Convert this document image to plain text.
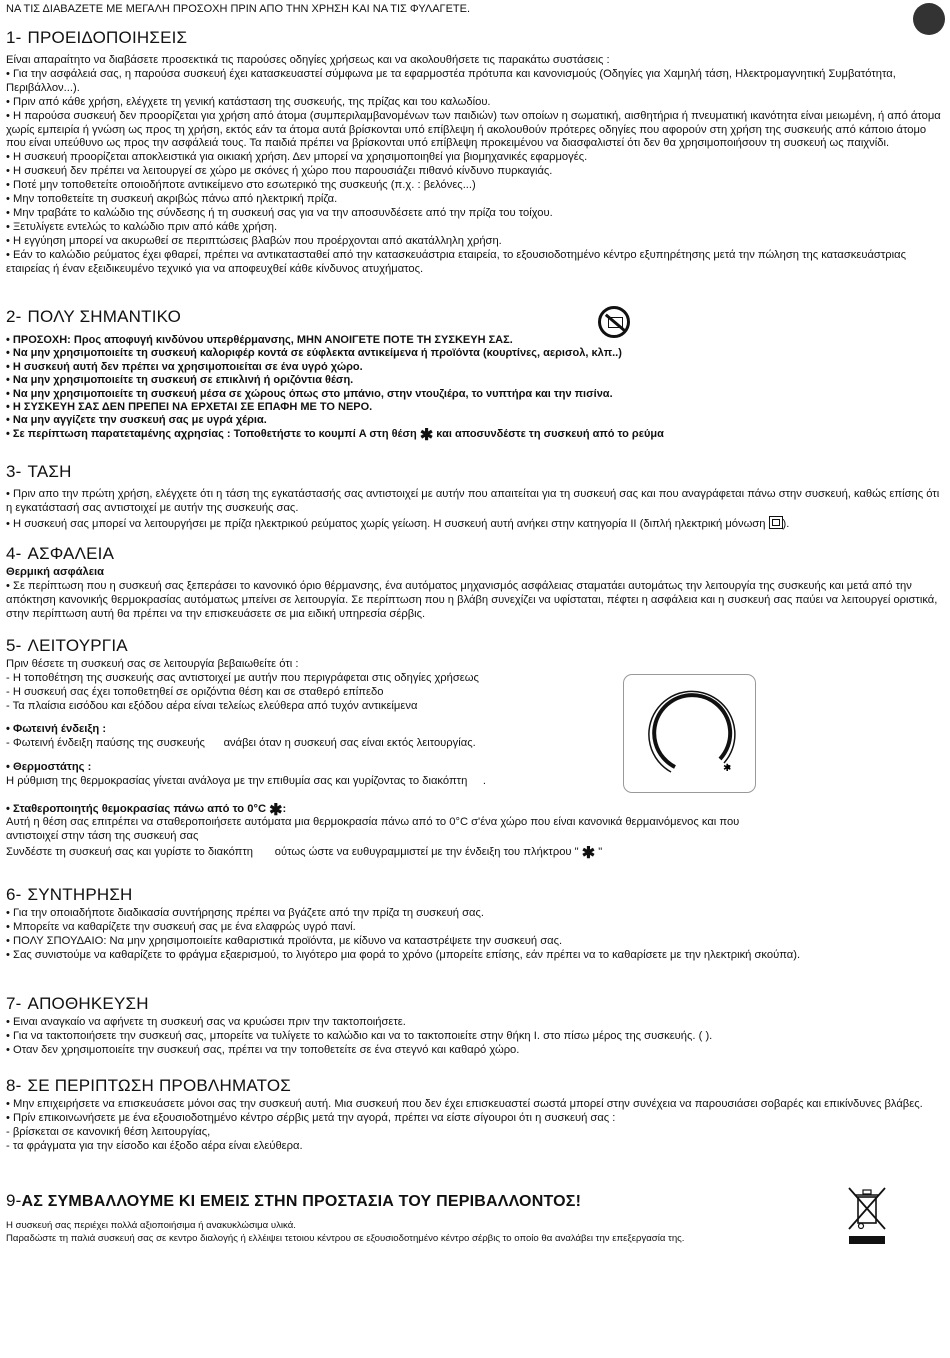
ΝΑ ΤΙΣ ΔΙΑΒΑΖΕΤΕ ΜΕ ΜΕΓΑΛΗ ΠΡΟΣΟΧΗ ΠΡΙΝ ΑΠΟ ΤΗΝ ΧΡΗΣΗ ΚΑΙ ΝΑ ΤΙΣ ΦΥΛΑΓΕΤΕ.
1- ΠΡΟΕΙΔΟΠΟΙΗΣΕΙΣ

Είναι απαραίτητο να διαβάσετε προσεκτικά τις παρούσες οδηγίες χρήσεως και να ακολουθήσετε τις παρακάτω συστάσεις :

• Για την ασφάλειά σας, η παρούσα συσκευή έχει κατασκευαστεί σύμφωνα με τα εφαρμοστέα πρότυπα και κανονισμούς (Οδηγίες για Χαμηλή τάση, Ηλεκτρομαγνητική Συμβατότητα, Περιβάλλον...).

• Πριν από κάθε χρήση, ελέγχετε τη γενική κατάσταση της συσκευής, της πρίζας και του καλωδίου.

• Η παρούσα συσκευή δεν προορίζεται για χρήση από άτομα (συμπεριλαμβανομένων των παιδιών) των οποίων η σωματική, αισθητήρια ή πνευματική ικανότητα είναι μειωμένη, ή από άτομα χωρίς εμπειρία ή γνώση ως προς τη χρήση, εκτός εάν τα άτομα αυτά βρίσκονται υπό επίβλεψη ή ακολουθούν πρότερες οδηγίες που αφορούν στη χρήση της συσκευής από κάποιο άτομο που είναι υπεύθυνο ως προς την ασφάλειά τους. Τα παιδιά πρέπει να βρίσκονται υπό επίβλεψη προκειμένου να διασφαλιστεί ότι δεν θα χρησιμοποιήσουν τη συσκευή ως παιχνίδι.

• Η συσκευή προορίζεται αποκλειστικά για οικιακή χρήση. Δεν μπορεί να χρησιμοποιηθεί για βιομηχανικές εφαρμογές.

• Η συσκευή δεν πρέπει να λειτουργεί σε χώρο με σκόνες ή χώρο που παρουσιάζει πιθανό κίνδυνο πυρκαγιάς.

• Ποτέ μην τοποθετείτε οποιοδήποτε αντικείμενο στο εσωτερικό της συσκευής (π.χ. : βελόνες...)

• Μην τοποθετείτε τη συσκευή ακριβώς πάνω από ηλεκτρική πρίζα.

• Μην τραβάτε το καλώδιο της σύνδεσης ή τη συσκευή σας για να την αποσυνδέσετε από την πρίζα του τοίχου.

• Ξετυλίγετε εντελώς το καλώδιο πριν από κάθε χρήση.

• Η εγγύηση μπορεί να ακυρωθεί σε περιπτώσεις βλαβών που προέρχονται από ακατάλληλη χρήση.

• Εάν το καλώδιο ρεύματος έχει φθαρεί, πρέπει να αντικατασταθεί από την κατασκευάστρια εταιρεία, το εξουσιοδοτημένο κέντρο εξυπηρέτησης μετά την πώληση της κατασκευάστριας εταιρείας ή έναν εξειδικευμένο τεχνικό για να αποφευχθεί κάθε κίνδυνος ατυχήματος.

2- ΠΟΛΥ ΣΗΜΑΝΤΙΚΟ

• ΠΡΟΣΟΧΗ: Προς αποφυγή κινδύνου υπερθέρμανσης, ΜΗΝ ΑΝΟΙΓΕΤΕ ΠΟΤΕ ΤΗ ΣΥΣΚΕΥΗ ΣΑΣ.

• Να μην χρησιμοποιείτε τη συσκευή καλοριφέρ κοντά σε εύφλεκτα αντικείμενα ή προϊόντα (κουρτίνες, αερισολ, κλπ..)

• Η συσκευή αυτή δεν πρέπει να χρησιμοποιείται σε ένα υγρό χώρο.

• Να μην χρησιμοποιείτε τη συσκευή σε επικλινή ή οριζόντια θέση.

• Να μην χρησιμοποιείτε τη συσκευή μέσα σε χώρους όπως στο μπάνιο, στην ντουζιέρα, το νυπτήρα και την πισίνα.

• Η ΣΥΣΚΕΥΗ ΣΑΣ ΔΕΝ ΠΡΕΠΕΙ ΝΑ ΕΡΧΕΤΑΙ ΣΕ ΕΠΑΦΗ ΜΕ ΤΟ ΝΕΡΟ.

• Να μην αγγίζετε την συσκευή σας με υγρά χέρια.

• Σε περίπτωση παρατεταμένης αχρησίας : Τοποθετήστε το κουμπί A στη θέση ✱ και αποσυνδέστε τη συσκευή από το ρεύμα

3- ΤΑΣΗ

• Πριν απο την πρώτη χρήση, ελέγχετε ότι η τάση της εγκατάστασής σας αντιστοιχεί με αυτήν που απαιτείται για τη συσκευή σας και που αναγράφεται πάνω στην συσκευή, καθώς επίσης ότι η εγκατάστασή σας αντιστοιχεί με αυτήν της συσκευής σας.

• Η συσκευή σας μπορεί να λειτουργήσει με πρίζα ηλεκτρικού ρεύματος χωρίς γείωση. Η συσκευή αυτή ανήκει στην κατηγορία II (διπλή ηλεκτρική μόνωση ).

4- ΑΣΦΑΛΕΙΑ

Θερμική ασφάλεια

• Σε περίπτωση που η συσκευή σας ξεπεράσει το κανονικό όριο θέρμανσης, ένα αυτόματος μηχανισμός ασφάλειας σταματάει αυτομάτως την λειτουργία της συσκευής και μετά από την απόκτηση κανονικής θερμοκρασίας αυτόματως μπείνει σε λειτουργία. Σε περίπτωση που η βλάβη συνεχίζει να υφίσταται, πέφτει η ασφάλεια και η συσκευή σας παύει να λειτουργεί οριστικά, στην περίπτωση αυτή θα πρέπει να την επισκευάσετε σε μια ειδική υπηρεσία σέρβις.

5- ΛΕΙΤΟΥΡΓΙΑ

Πριν θέσετε τη συσκευή σας σε λειτουργία βεβαιωθείτε ότι :

- Η τοποθέτηση της συσκευής σας αντιστοιχεί με αυτήν που περιγράφεται στις οδηγίες χρήσεως

- Η συσκευή σας έχει τοποθετηθεί σε οριζόντια θέση και σε σταθερό επίπεδο

- Τα πλαίσια εισόδου και εξόδου αέρα είναι τελείως ελεύθερα από τυχόν αντικείμενα

• Φωτεινή ένδειξη :

- Φωτεινή ένδειξη παύσης της συσκευής      ανάβει όταν η συσκευή σας είναι εκτός λειτουργίας.

• Θερμοστάτης :

Η ρύθμιση της θερμοκρασίας γίνεται ανάλογα με την επιθυμία σας και γυρίζοντας το διακόπτη     .

• Σταθεροποιητής θεμοκρασίας πάνω από το 0°C ✱:

Αυτή η θέση σας επιτρέπει να σταθεροποιήσετε αυτόματα μια θερμοκρασία πάνω από το 0°C σ'ένα χώρο που είναι κανονικά θερμαινόμενος και που αντιστοιχεί στην τάση της συσκευή σας

Συνδέστε τη συσκευή σας και γυρίστε το διακόπτη       ούτως ώστε να ευθυγραμμιστεί με την ένδειξη του πλήκτρου " ✱ "

✱
6- ΣΥΝΤΗΡΗΣΗ

• Για την οποιαδήποτε διαδικασία συντήρησης πρέπει να βγάζετε από την πρίζα τη συσκευή σας.

• Μπορείτε να καθαρίζετε την συσκευή σας με ένα ελαφρώς υγρό πανί.

• ΠΟΛΥ ΣΠΟΥΔΑΙΟ: Να μην χρησιμοποιείτε καθαριστικά προϊόντα, με κίδυνο να καταστρέψετε την συσκευή σας.

• Σας συνιστούμε να καθαρίζετε το φράγμα εξαερισμού, το λιγότερο μια φορά το χρόνο (μπορείτε επίσης, εάν πρέπει να το καθαρίσετε με την ηλεκτρική σκούπα).

7- ΑΠΟΘΗΚΕΥΣΗ

• Ειναι αναγκαίο να αφήνετε τη συσκευή σας να κρυώσει πριν την τακτοποιήσετε.

• Για να τακτοποιήσετε την συσκευή σας, μπορείτε να τυλίγετε το καλώδιο και να το τακτοποιείτε στην θήκη I. στο πίσω μέρος της συσκευής. ( ).

• Οταν δεν χρησιμοποιείτε την συσκευή σας, πρέπει να την τοποθετείτε σε ένα στεγνό και καθαρό χώρο.

8- ΣΕ ΠΕΡΙΠΤΩΣΗ ΠΡΟΒΛΗΜΑΤΟΣ

• Μην επιχειρήσετε να επισκευάσετε μόνοι σας την συσκευή αυτή. Μια συσκευή που δεν έχει επισκευαστεί σωστά μπορεί στην συνέχεια να παρουσιάσει σοβαρές και επικίνδυνες βλάβες.

• Πρίν επικοινωνήσετε με ένα εξουσιοδοτημένο κέντρο σέρβις μετά την αγορά, πρέπει να είστε σίγουροι ότι η συσκευή σας :

- βρίσκεται σε κανονική θέση λειτουργίας,

- τα φράγματα για την είσοδο και έξοδο αέρα είναι ελεύθερα.

9-ΑΣ ΣΥΜΒΑΛΛΟΥΜΕ ΚΙ ΕΜΕΙΣ ΣΤΗΝ ΠΡΟΣΤΑΣΙΑ ΤΟΥ ΠΕΡΙΒΑΛΛΟΝΤΟΣ!

Η συσκευή σας περιέχει πολλά αξιοποιήσιμα ή ανακυκλώσιμα υλικά.

Παραδώστε τη παλιά συσκευή σας σε κεντρο διαλογής ή ελλέιψει τετοιου κέντρου σε εξουσιοδοτημένο κέντρο σέρβις το οποίο θα αναλάβει την επεξεργασία της.
